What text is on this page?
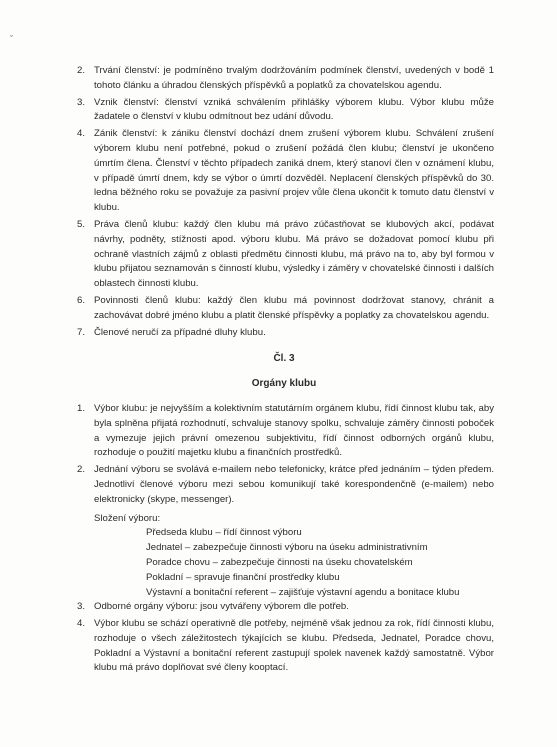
ˇ
2. Trvání členství: je podmíněno trvalým dodržováním podmínek členství, uvedených v bodě 1 tohoto článku a úhradou členských příspěvků a poplatků za chovatelskou agendu.
3. Vznik členství: členství vzniká schválením přihlášky výborem klubu. Výbor klubu může žadatele o členství v klubu odmítnout bez udání důvodu.
4. Zánik členství: k zániku členství dochází dnem zrušení výborem klubu. Schválení zrušení výborem klubu není potřebné, pokud o zrušení požádá člen klubu; členství je ukončeno úmrtím člena. Členství v těchto případech zaniká dnem, který stanoví člen v oznámení klubu, v případě úmrtí dnem, kdy se výbor o úmrtí dozvěděl. Neplacení členských příspěvků do 30. ledna běžného roku se považuje za pasivní projev vůle člena ukončit k tomuto datu členství v klubu.
5. Práva členů klubu: každý člen klubu má právo zúčastňovat se klubových akcí, podávat návrhy, podněty, stížnosti apod. výboru klubu. Má právo se dožadovat pomocí klubu při ochraně vlastních zájmů z oblasti předmětu činnosti klubu, má právo na to, aby byl formou v klubu přijatou seznamován s činností klubu, výsledky i záměry v chovatelské činnosti i dalších oblastech činnosti klubu.
6. Povinnosti členů klubu: každý člen klubu má povinnost dodržovat stanovy, chránit a zachovávat dobré jméno klubu a platit členské příspěvky a poplatky za chovatelskou agendu.
7. Členové neručí za případné dluhy klubu.
Čl. 3
Orgány klubu
1. Výbor klubu: je nejvyšším a kolektivním statutárním orgánem klubu, řídí činnost klubu tak, aby byla splněna přijatá rozhodnutí, schvaluje stanovy spolku, schvaluje záměry činnosti poboček a vymezuje jejich právní omezenou subjektivitu, řídí činnost odborných orgánů klubu, rozhoduje o použití majetku klubu a finančních prostředků.
2. Jednání výboru se svolává e-mailem nebo telefonicky, krátce před jednáním – týden předem. Jednotliví členové výboru mezi sebou komunikují také korespondenčně (e-mailem) nebo elektronicky (skype, messenger).
Složení výboru:
Předseda klubu – řídí činnost výboru
Jednatel – zabezpečuje činnosti výboru na úseku administrativním
Poradce chovu – zabezpečuje činnosti na úseku chovatelském
Pokladní – spravuje finanční prostředky klubu
Výstavní a bonitační referent – zajišťuje výstavní agendu a bonitace klubu
3. Odborné orgány výboru: jsou vytvářeny výborem dle potřeb.
4. Výbor klubu se schází operativně dle potřeby, nejméně však jednou za rok, řídí činnosti klubu, rozhoduje o všech záležitostech týkajících se klubu. Předseda, Jednatel, Poradce chovu, Pokladní a Výstavní a bonitační referent zastupují spolek navenek každý samostatně. Výbor klubu má právo doplňovat své členy kooptací.
